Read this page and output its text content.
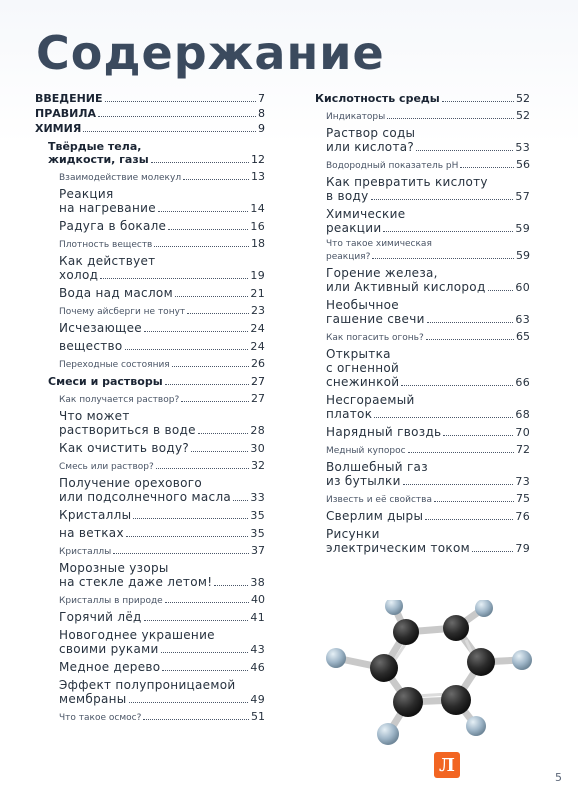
Содержание
ВВЕДЕНИЕ	7
ПРАВИЛА	8
ХИМИЯ	9
Твёрдые тела,
жидкости, газы	12
Взаимодействие молекул	13
Реакция
на нагревание	14
Радуга в бокале	16
Плотность веществ	18
Как действует
холод	19
Вода над маслом	21
Почему айсберги не тонут	23
Исчезающее	24
вещество	24
Переходные состояния	26
Смеси и растворы	27
Как получается раствор?	27
Что может
раствориться в воде	28
Как очистить воду?	30
Смесь или раствор?	32
Получение орехового
или подсолнечного масла 33
Кристаллы	35
на ветках	35
Кристаллы	37
Морозные узоры
на стекле даже летом!	38
Кристаллы в природе	40
Горячий лёд	41
Новогоднее украшение
своими руками	43
Медное дерево	46
Эффект полупроницаемой
мембраны	49
Что такое осмос?	51
Кислотность среды	52
Индикаторы	52
Раствор соды
или кислота?	53
Водородный показатель pH	56
Как превратить кислоту
в воду	57
Химические
реакции	59
Что такое химическая
реакция?	59
Горение железа,
или Активный кислород	60
Необычное
гашение свечи	63
Как погасить огонь?	65
Открытка
с огненной
снежинкой	66
Несгораемый
платок	68
Нарядный гвоздь	70
Медный купорос	72
Волшебный газ
из бутылки	73
Известь и её свойства	75
Сверлим дыры	76
Рисунки
электрическим током	79
Л
5
